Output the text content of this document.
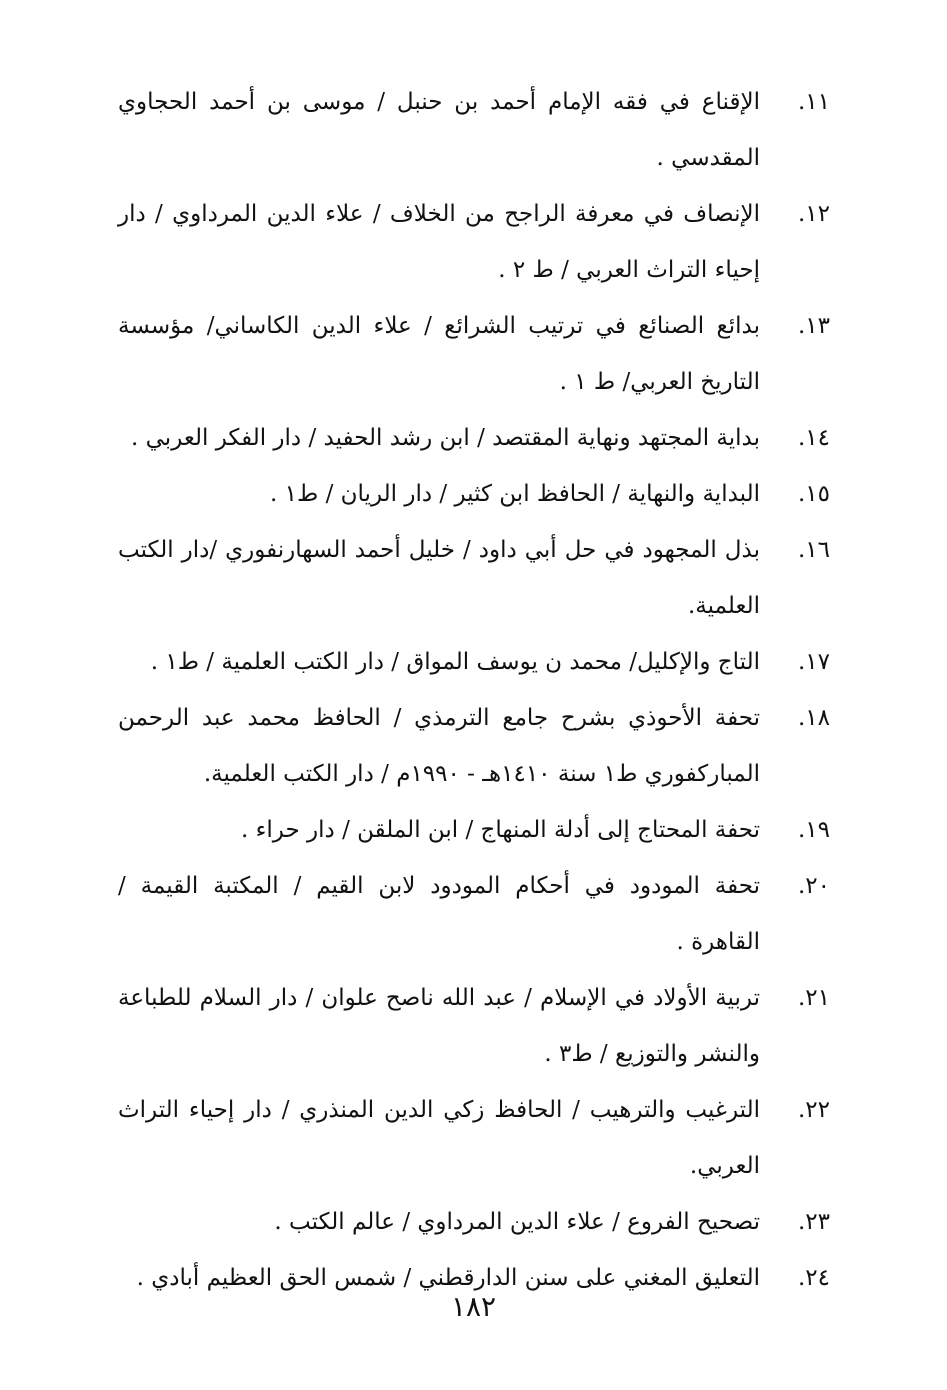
١١.
الإقناع في فقه الإمام أحمد بن حنبل / موسى بن أحمد الحجاوي المقدسي .
١٢.
الإنصاف في معرفة الراجح من الخلاف / علاء الدين المرداوي / دار إحياء التراث العربي / ط ٢ .
١٣.
بدائع الصنائع في ترتيب الشرائع / علاء الدين الكاساني/ مؤسسة التاريخ العربي/ ط ١ .
١٤.
بداية المجتهد ونهاية المقتصد / ابن رشد الحفيد / دار الفكر العربي .
١٥.
البداية والنهاية / الحافظ ابن كثير / دار الريان / ط١ .
١٦.
بذل المجهود في حل أبي داود / خليل أحمد السهارنفوري /دار الكتب العلمية.
١٧.
التاج والإكليل/ محمد ن يوسف المواق / دار الكتب العلمية / ط١ .
١٨.
تحفة الأحوذي بشرح جامع الترمذي / الحافظ محمد عبد الرحمن المباركفوري ط١ سنة ١٤١٠هـ - ١٩٩٠م / دار الكتب العلمية.
١٩.
تحفة المحتاج إلى أدلة المنهاج / ابن الملقن / دار حراء .
٢٠.
تحفة المودود في أحكام المودود لابن القيم / المكتبة القيمة / القاهرة .
٢١.
تربية الأولاد في الإسلام / عبد الله ناصح علوان / دار السلام للطباعة والنشر والتوزيع / ط٣ .
٢٢.
الترغيب والترهيب / الحافظ زكي الدين المنذري / دار إحياء التراث العربي.
٢٣.
تصحيح الفروع / علاء الدين المرداوي / عالم الكتب .
٢٤.
التعليق المغني على سنن الدارقطني / شمس الحق العظيم أبادي .
١٨٢
